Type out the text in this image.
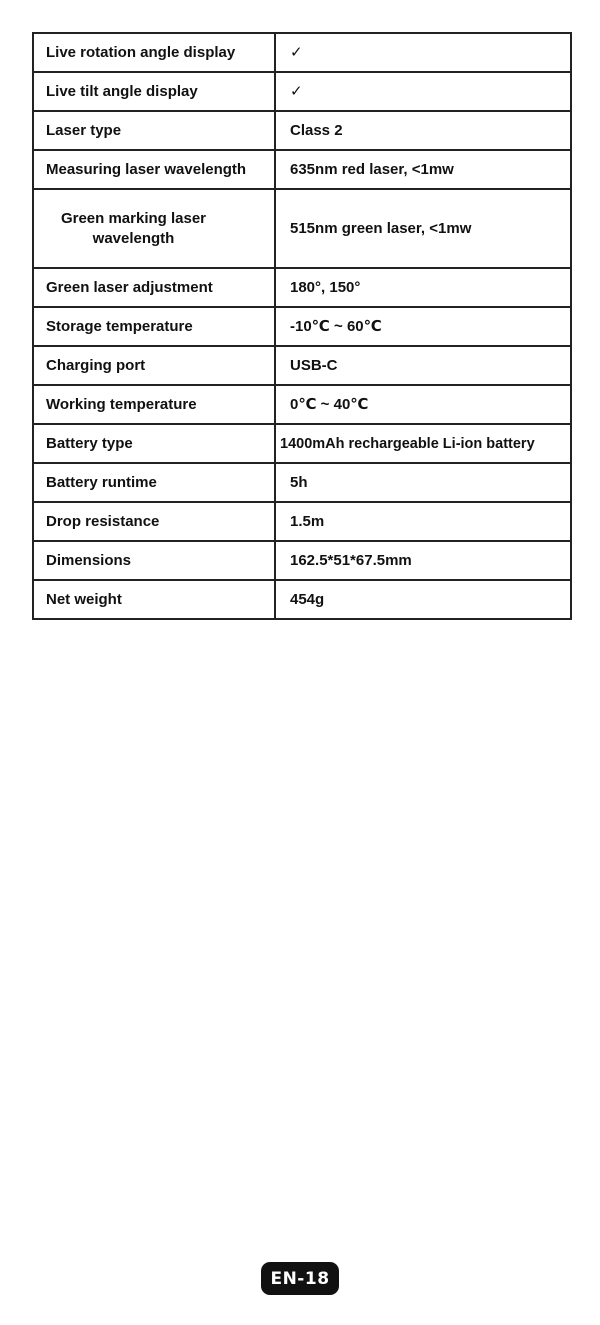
Live rotation angle display	✓
Live tilt angle display	✓
Laser type	Class 2
Measuring laser wavelength	635nm red laser, <1mw

Green marking laser wavelength	515nm green laser, <1mw
Green laser adjustment	180°, 150°
Storage temperature	-10℃ ~ 60℃
Charging port	USB-C
Working temperature	0℃ ~ 40℃
Battery type	1400mAh rechargeable Li-ion battery
Battery runtime	5h
Drop resistance	1.5m
Dimensions	162.5*51*67.5mm
Net weight	454g
EN-18
